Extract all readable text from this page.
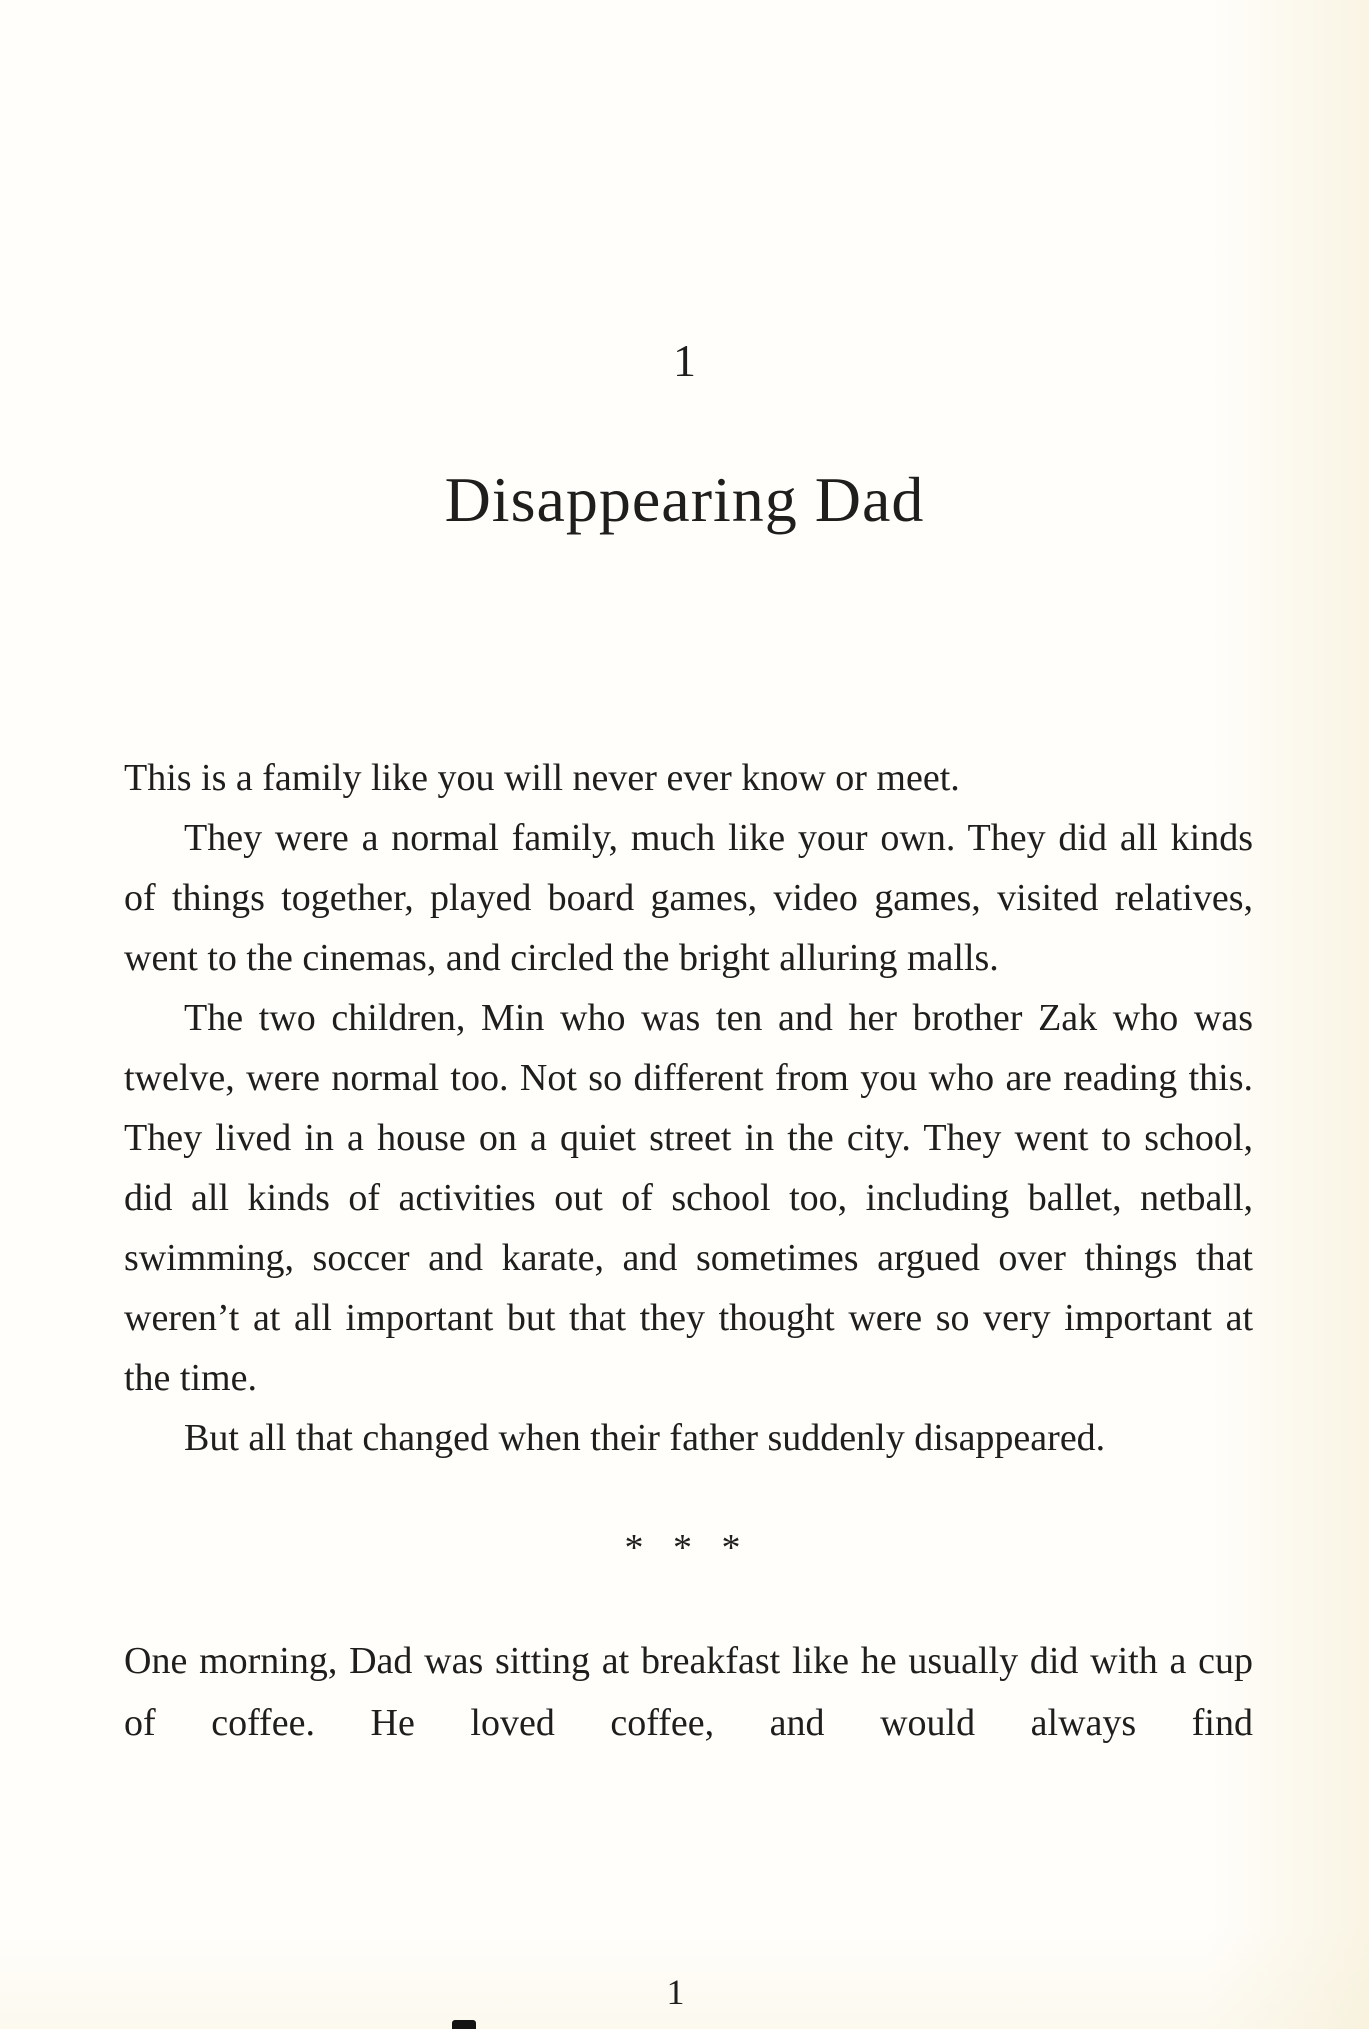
1
Disappearing Dad

This is a family like you will never ever know or meet.

They were a normal family, much like your own. They did all kinds of things together, played board games, video games, visited relatives, went to the cinemas, and circled the bright alluring malls.

The two children, Min who was ten and her brother Zak who was twelve, were normal too. Not so different from you who are reading this. They lived in a house on a quiet street in the city. They went to school, did all kinds of activities out of school too, including ballet, netball, swimming, soccer and karate, and sometimes argued over things that weren’t at all important but that they thought were so very important at the time.

But all that changed when their father suddenly disappeared.

* * *

One morning, Dad was sitting at breakfast like he usually did with a cup of coffee. He loved coffee, and would always find

1
